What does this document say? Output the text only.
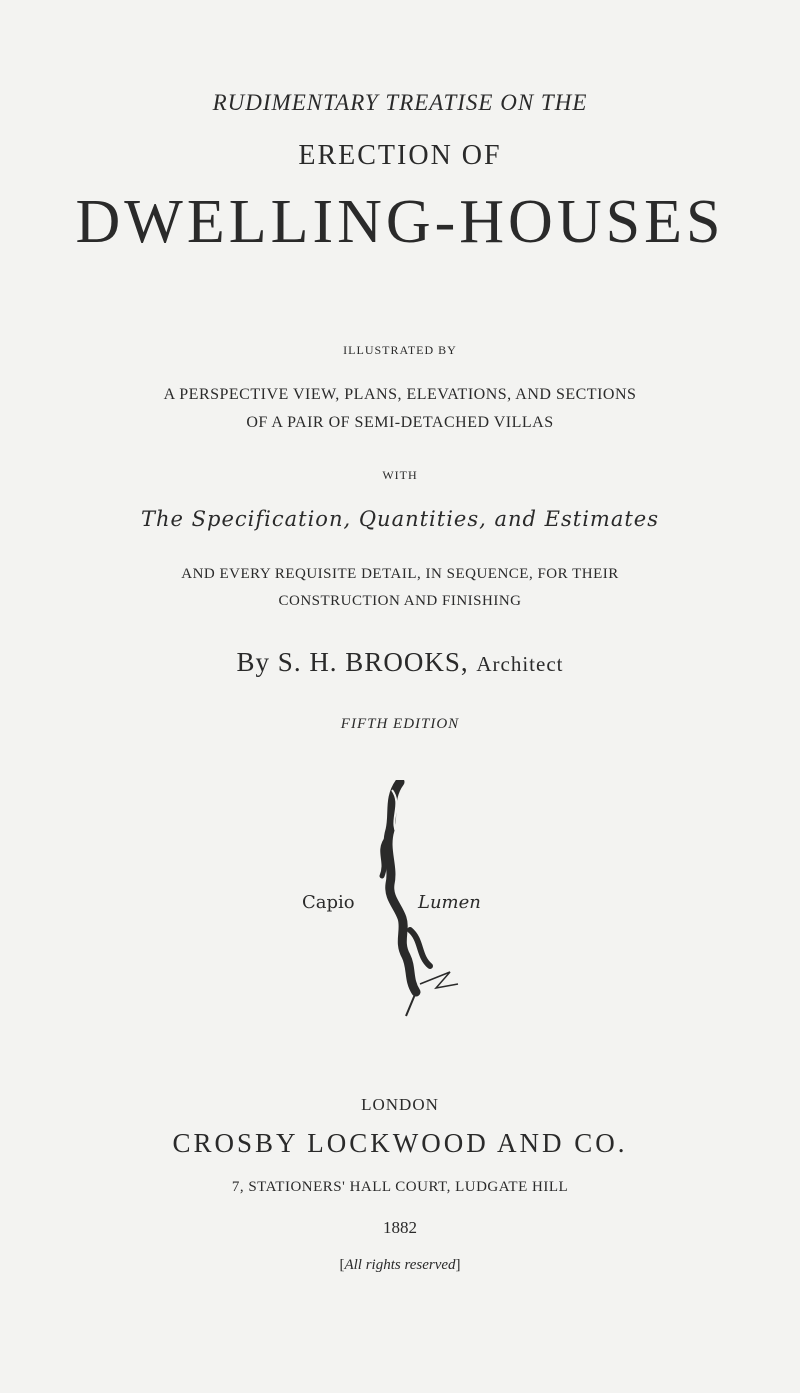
RUDIMENTARY TREATISE ON THE
ERECTION OF
DWELLING-HOUSES
ILLUSTRATED BY
A PERSPECTIVE VIEW, PLANS, ELEVATIONS, AND SECTIONS
OF A PAIR OF SEMI-DETACHED VILLAS
WITH
The Specification, Quantities, and Estimates
AND EVERY REQUISITE DETAIL, IN SEQUENCE, FOR THEIR
CONSTRUCTION AND FINISHING
By S. H. BROOKS, Architect
FIFTH EDITION
Capio	Lumen
LONDON
CROSBY LOCKWOOD AND CO.
7, STATIONERS' HALL COURT, LUDGATE HILL
1882
[All rights reserved]
